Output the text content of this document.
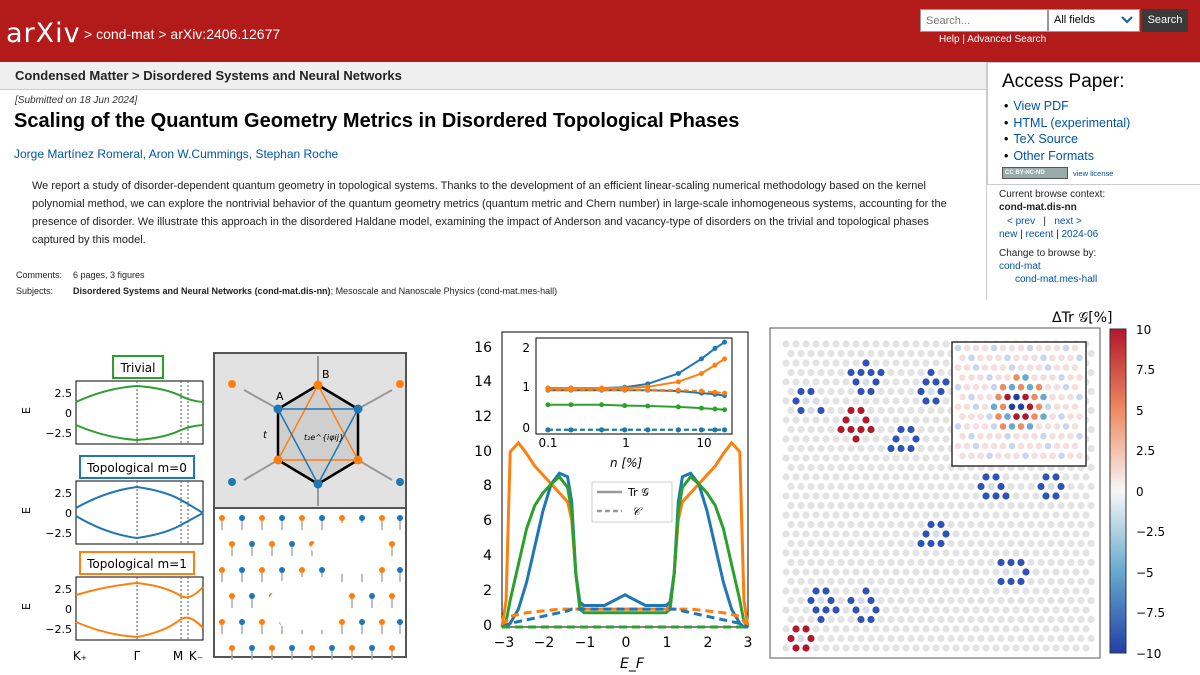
arXiv > cond-mat > arXiv:2406.12677
Search...
All fields	Search
Help | Advanced Search
Condensed Matter > Disordered Systems and Neural Networks
[Submitted on 18 Jun 2024]
Scaling of the Quantum Geometry Metrics in Disordered Topological Phases
Jorge Martínez Romeral, Aron W.Cummings, Stephan Roche
We report a study of disorder-dependent quantum geometry in topological systems. Thanks to the development of an efficient linear-scaling numerical methodology based on the kernel polynomial method, we can explore the nontrivial behavior of the quantum geometry metrics (quantum metric and Chern number) in large-scale inhomogeneous systems, accounting for the presence of disorder. We illustrate this approach in the disordered Haldane model, examining the impact of Anderson and vacancy-type of disorders on the trivial and topological phases captured by this model.
Comments:	6 pages, 3 figures
Subjects:	Disordered Systems and Neural Networks (cond-mat.dis-nn); Mesoscale and Nanoscale Physics (cond-mat.mes-hall)
Access Paper:
• View PDF
• HTML (experimental)
• TeX Source
• Other Formats
CC BY-NC-ND	view license
Current browse context:
cond-mat.dis-nn
< prev | next >
new | recent | 2024-06
Change to browse by:
cond-mat
cond-mat.mes-hall
Trivial
Topological m=0
Topological m=1
E
E
E
2.5
0
−2.5
2.5
0
−2.5
2.5
0
−2.5
K₊	Γ	M K₋
A
B
t	t₂e^{iφij}
0
2
4
6
8
10
12
14
16
−3 −2 −1 0 1 2 3
E_F
Tr 𝒢
𝒞
2
1
0
0.1	1	10
n [%]
ΔTr 𝒢[%]
10
7.5
5
2.5
0
−2.5
−5
−7.5
−10
